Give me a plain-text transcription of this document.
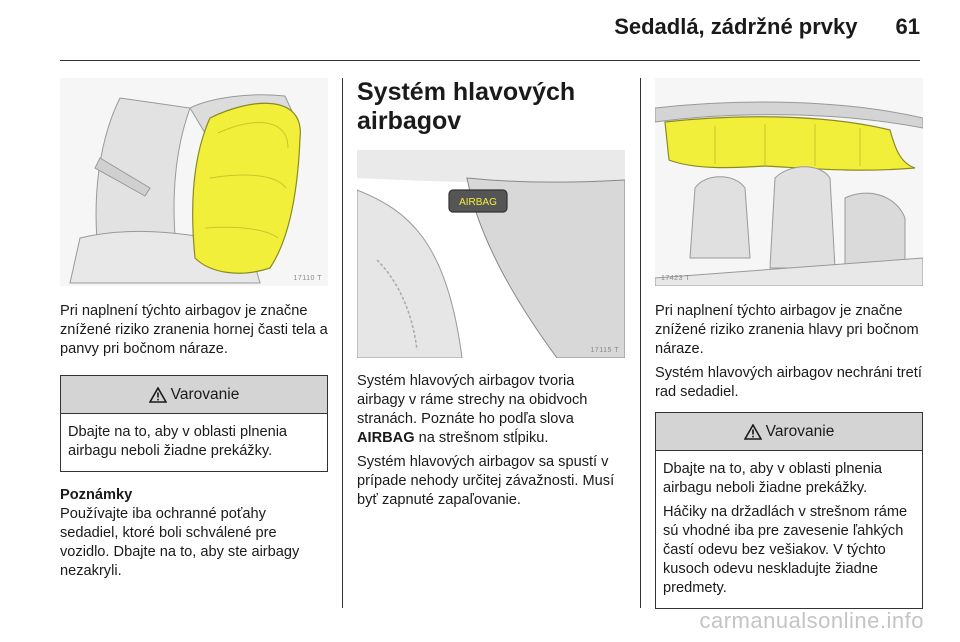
Sedadlá, zádržné prvky 61
17110 T

Pri naplnení týchto airbagov je značne znížené riziko zranenia hornej časti tela a panvy pri bočnom náraze.

Varovanie

Dbajte na to, aby v oblasti plnenia airbagu neboli žiadne prekážky.

Poznámky

Používajte iba ochranné poťahy sedadiel, ktoré boli schválené pre vozidlo. Dbajte na to, aby ste airbagy nezakryli.

Systém hlavových airbagov
AIRBAG
17115 T

Systém hlavových airbagov tvoria airbagy v ráme strechy na obidvoch stranách. Poznáte ho podľa slova AIRBAG na strešnom stĺpiku.

Systém hlavových airbagov sa spustí v prípade nehody určitej závažnosti. Musí byť zapnuté zapaľovanie.

17423 T

Pri naplnení týchto airbagov je značne znížené riziko zranenia hlavy pri bočnom náraze.

Systém hlavových airbagov nechráni tretí rad sedadiel.

Varovanie

Dbajte na to, aby v oblasti plnenia airbagu neboli žiadne prekážky.

Háčiky na držadlách v strešnom ráme sú vhodné iba pre zavesenie ľahkých častí odevu bez vešiakov. V týchto kusoch odevu neskladujte žiadne predmety.

carmanualsonline.info
